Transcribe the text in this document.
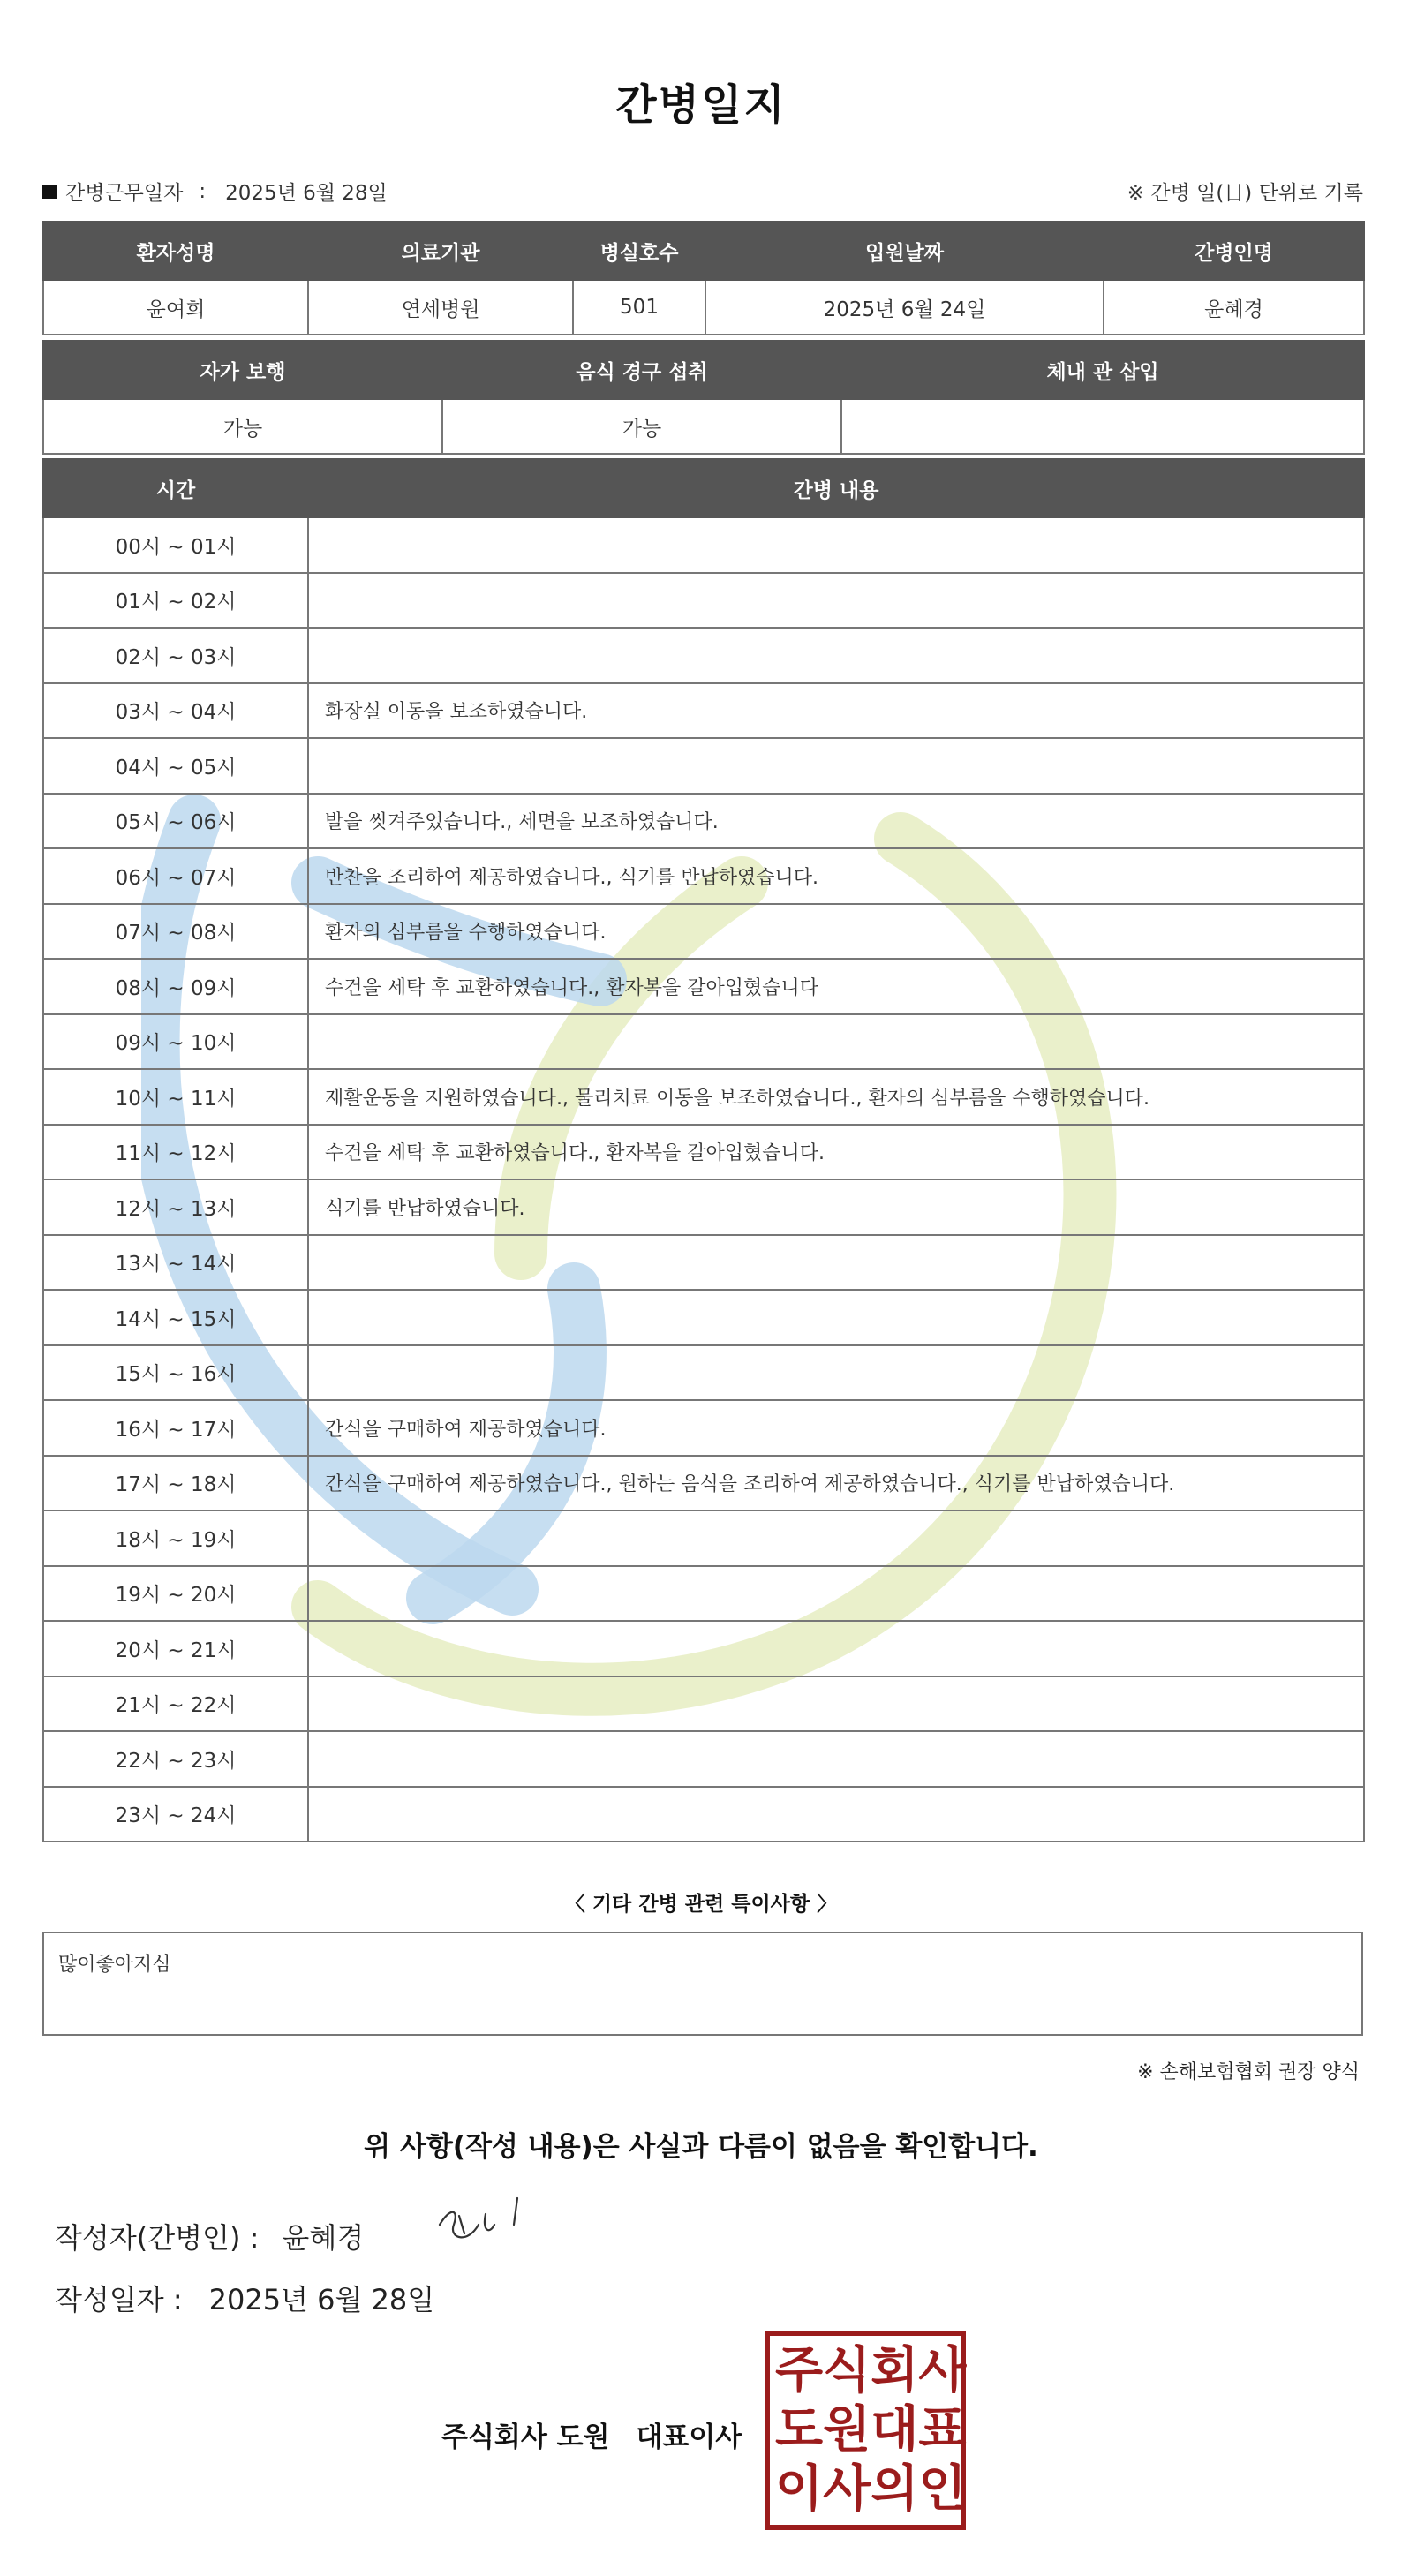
간병일지
간병근무일자 : 2025년 6월 28일	※ 간병 일(日) 단위로 기록
환자성명	의료기관	병실호수	입원날짜	간병인명
윤여희	연세병원	501	2025년 6월 24일	윤혜경
자가 보행	음식 경구 섭취	체내 관 삽입
가능	가능	
시간	간병 내용
00시 ~ 01시	
01시 ~ 02시	
02시 ~ 03시	
03시 ~ 04시	화장실 이동을 보조하였습니다.
04시 ~ 05시	
05시 ~ 06시	발을 씻겨주었습니다., 세면을 보조하였습니다.
06시 ~ 07시	반찬을 조리하여 제공하였습니다., 식기를 반납하였습니다.
07시 ~ 08시	환자의 심부름을 수행하였습니다.
08시 ~ 09시	수건을 세탁 후 교환하였습니다., 환자복을 갈아입혔습니다
09시 ~ 10시	
10시 ~ 11시	재활운동을 지원하였습니다., 물리치료 이동을 보조하였습니다., 환자의 심부름을 수행하였습니다.
11시 ~ 12시	수건을 세탁 후 교환하였습니다., 환자복을 갈아입혔습니다.
12시 ~ 13시	식기를 반납하였습니다.
13시 ~ 14시	
14시 ~ 15시	
15시 ~ 16시	
16시 ~ 17시	간식을 구매하여 제공하였습니다.
17시 ~ 18시	간식을 구매하여 제공하였습니다., 원하는 음식을 조리하여 제공하였습니다., 식기를 반납하였습니다.
18시 ~ 19시	
19시 ~ 20시	
20시 ~ 21시	
21시 ~ 22시	
22시 ~ 23시	
23시 ~ 24시	
〈 기타 간병 관련 특이사항 〉
많이좋아지심
※ 손해보험협회 권장 양식
위 사항(작성 내용)은 사실과 다름이 없음을 확인합니다.
작성자(간병인) : 윤혜경
작성일자 : 2025년 6월 28일
주식회사 도원 대표이사
주 식 회 사
도 원 대 표
이 사 의 인
